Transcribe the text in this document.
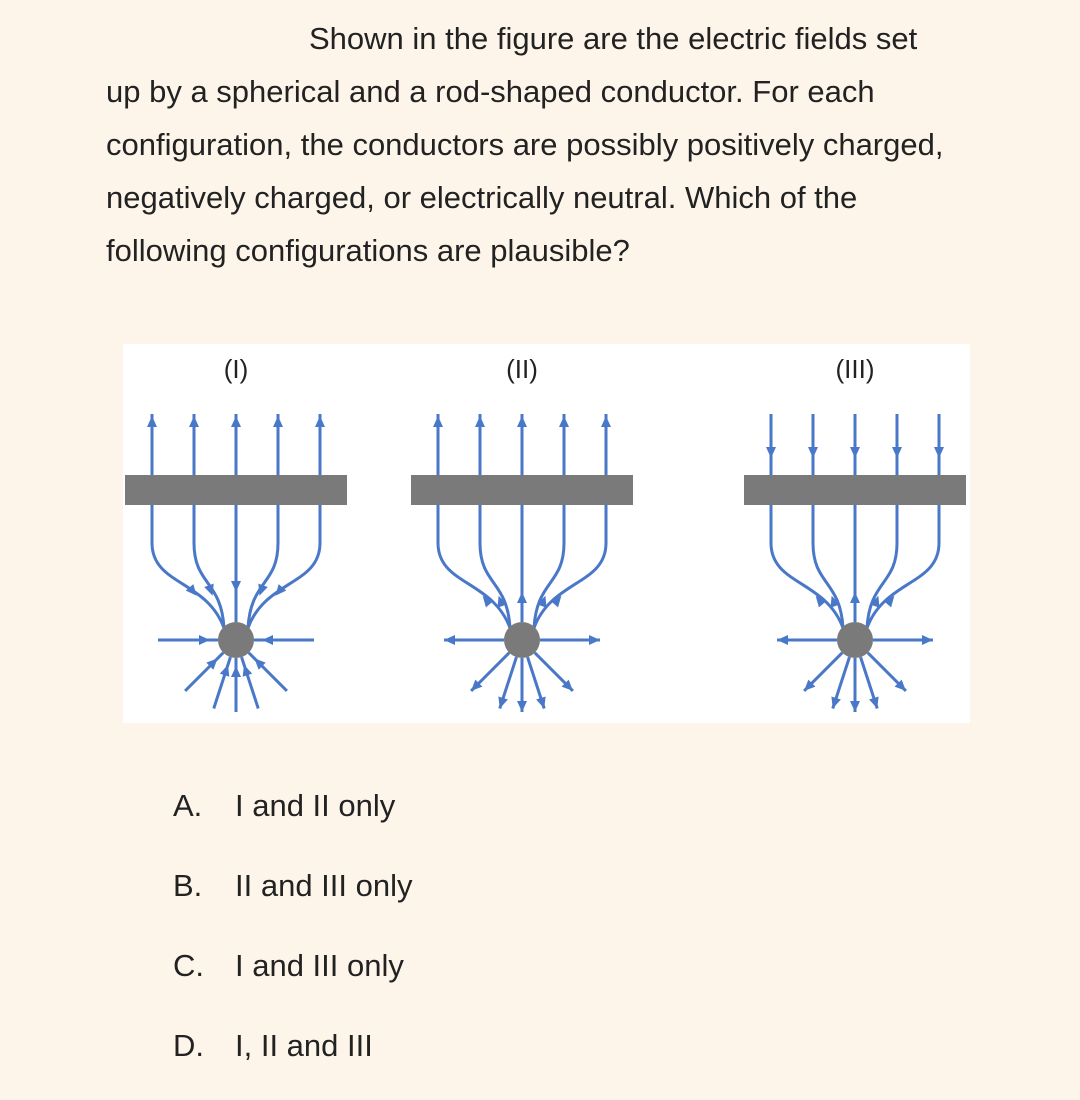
Shown in the figure are the electric fields set up by a spherical and a rod-shaped conductor. For each configuration, the conductors are possibly positively charged, negatively charged, or electrically neutral. Which of the following configurations are plausible?

(I)	(II)	(III)
A.	I and II only
B.	II and III only
C.	I and III only
D.	I, II and III
